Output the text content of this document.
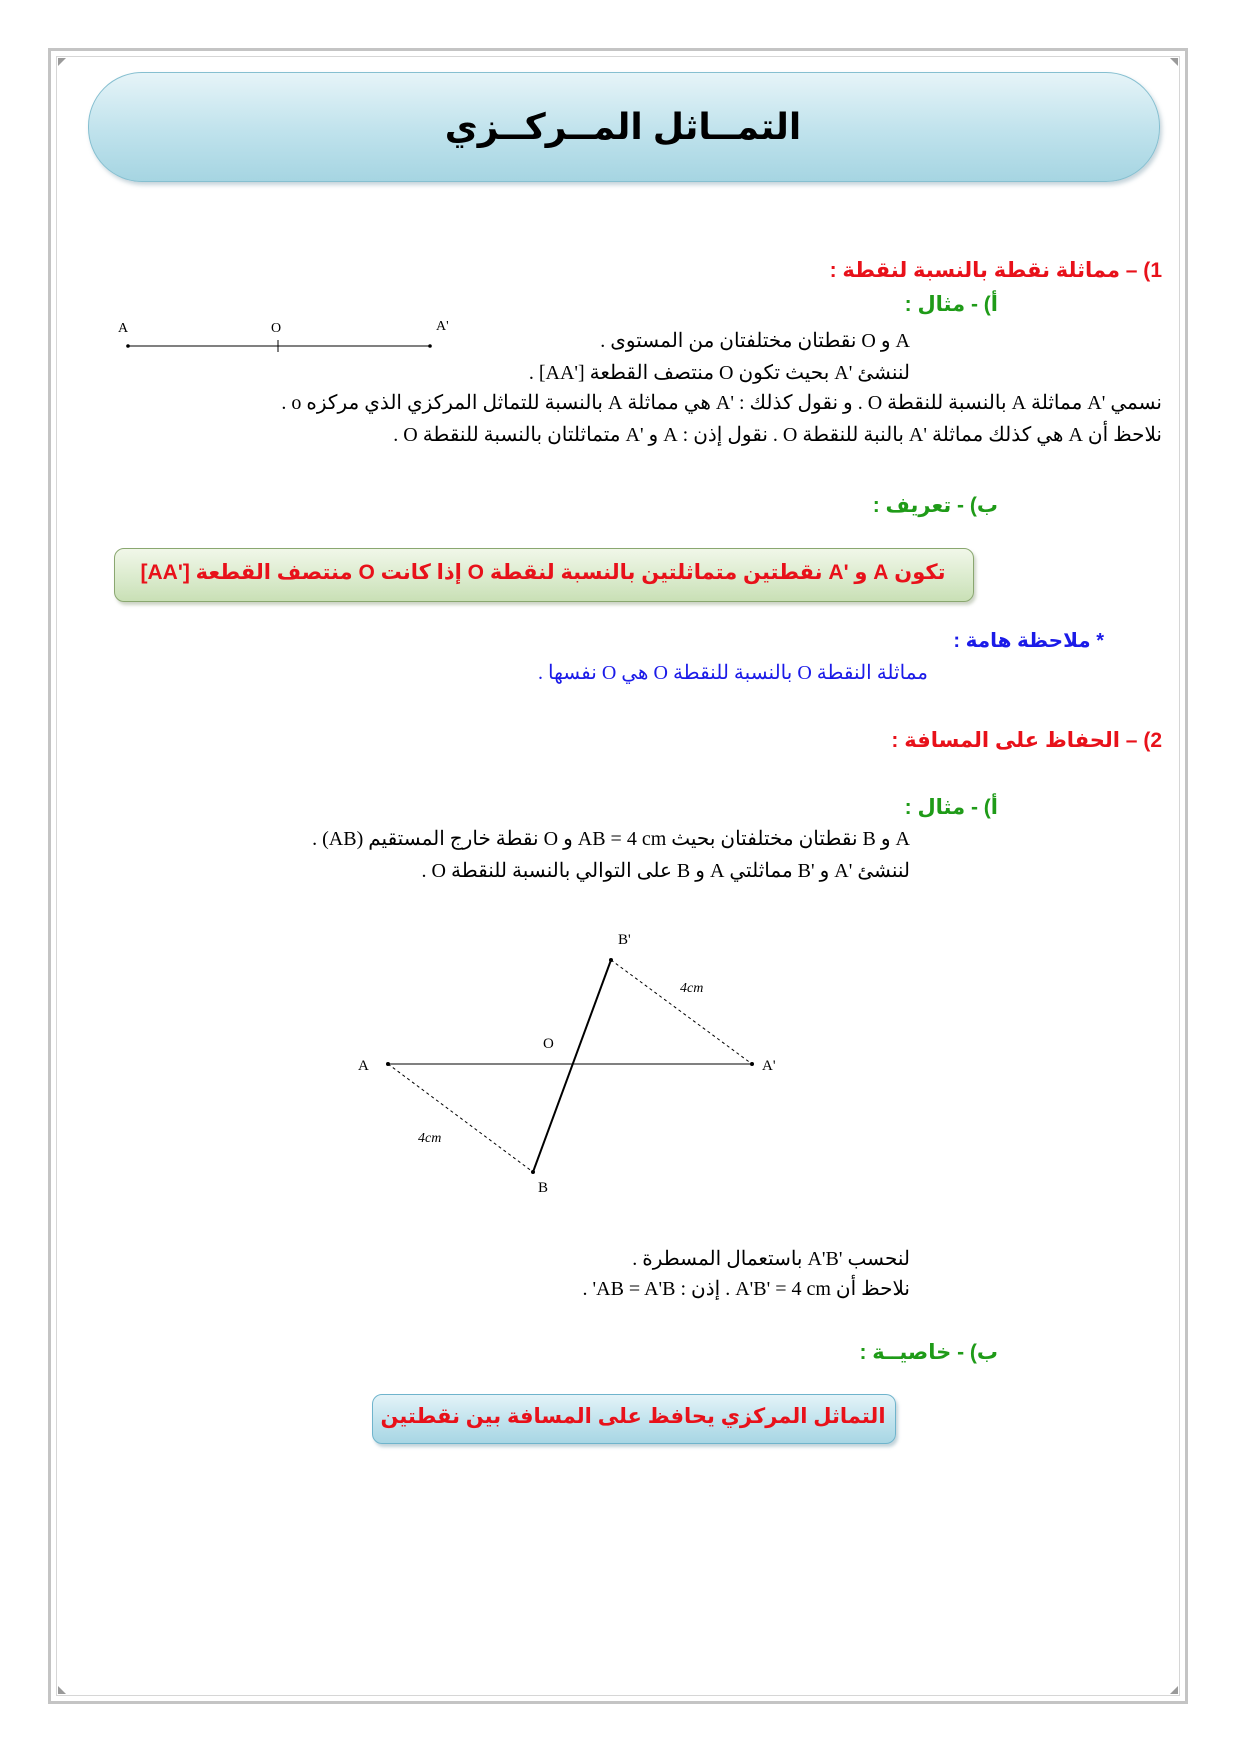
التمــاثل المــركــزي
1) – مماثلة نقطة بالنسبة لنقطة :
أ) - مثال :
A	O	A'
A و O نقطتان مختلفتان من المستوى .
لننشئ 'A بحيث تكون O منتصف القطعة ['AA] .
نسمي 'A مماثلة A بالنسبة للنقطة O . و نقول كذلك : 'A هي مماثلة A بالنسبة للتماثل المركزي الذي مركزه o .
نلاحظ أن A هي كذلك مماثلة 'A بالنبة للنقطة O . نقول إذن : A و 'A متماثلتان بالنسبة للنقطة O .
ب) - تعريف :
تكون A و 'A نقطتين متماثلتين بالنسبة لنقطة O إذا كانت O منتصف القطعة ['AA]
* ملاحظة هامة :
مماثلة النقطة O بالنسبة للنقطة O هي O نفسها .
2) – الحفاظ على المسافة :
أ) - مثال :
A و B نقطتان مختلفتان بحيث AB = 4 cm و O نقطة خارج المستقيم (AB) .
لننشئ 'A و 'B مماثلتي A و B على التوالي بالنسبة للنقطة O .
A	A'
B'
B
O
4cm
4cm
لنحسب 'A'B باستعمال المسطرة .
نلاحظ أن A'B' = 4 cm . إذن : AB = A'B' .
ب) - خاصيــة :
التماثل المركزي يحافظ على المسافة بين نقطتين
